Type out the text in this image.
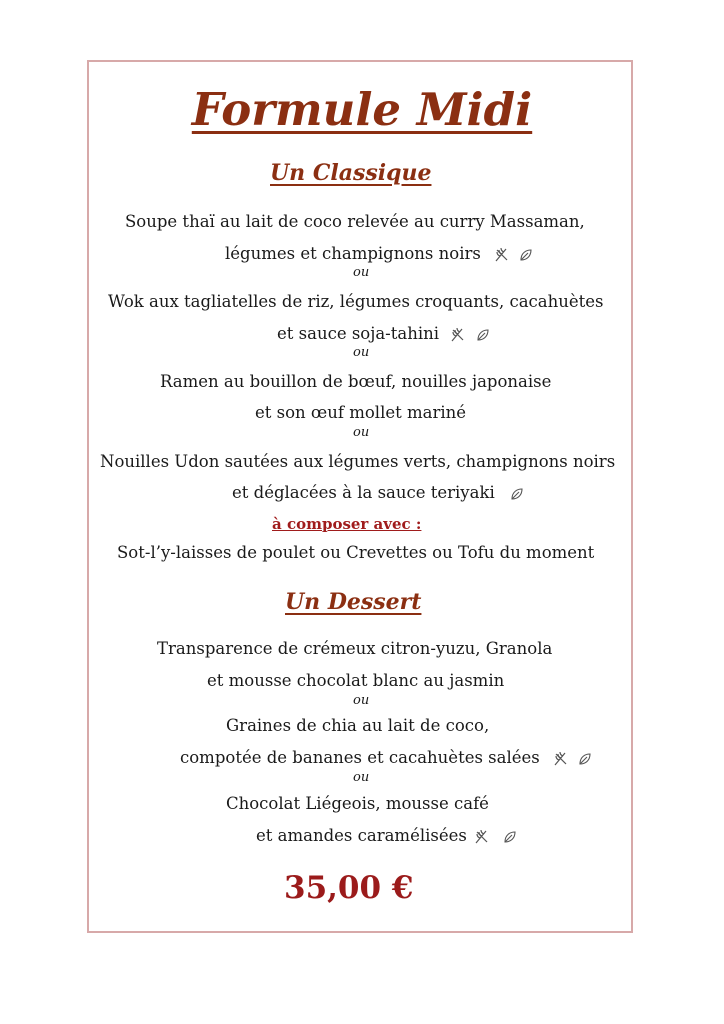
Formule Midi
Un Classique
Soupe thaï au lait de coco relevée au curry Massaman,
légumes et champignons noirs

ou
Wok aux tagliatelles de riz, légumes croquants, cacahuètes
et sauce soja-tahini

ou
Ramen au bouillon de bœuf, nouilles japonaise
et son œuf mollet mariné
ou
Nouilles Udon sautées aux légumes verts, champignons noirs
et déglacées à la sauce teriyaki
à composer avec :
Sot-l’y-laisses de poulet ou Crevettes ou Tofu du moment
Un Dessert
Transparence de crémeux citron-yuzu, Granola
et mousse chocolat blanc au jasmin
ou
Graines de chia au lait de coco,
compotée de bananes et cacahuètes salées

ou
Chocolat Liégeois, mousse café
et amandes caramélisées

35,00 €
